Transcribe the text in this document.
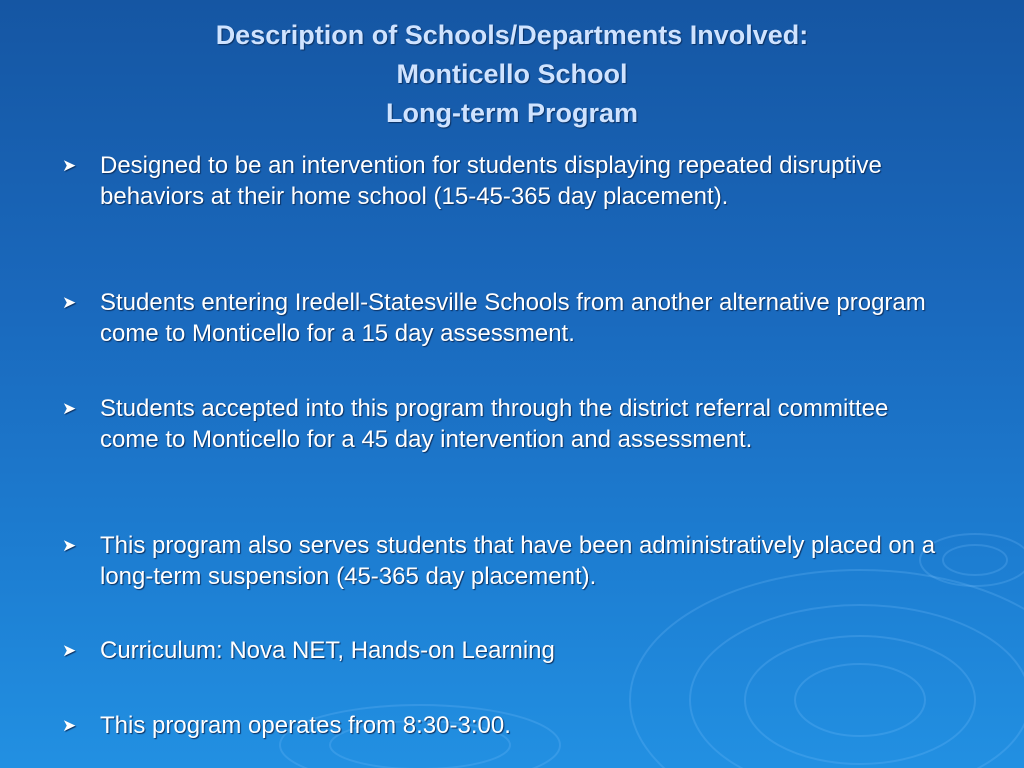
Description of Schools/Departments Involved:
Monticello School
Long-term Program
➤ Designed to be an intervention for students displaying repeated disruptive behaviors at their home school (15-45-365 day placement).
➤ Students entering Iredell-Statesville Schools from another alternative program come to Monticello for a 15 day assessment.
➤ Students accepted into this program through the district referral committee come to Monticello for a 45 day intervention and assessment.
➤ This program also serves students that have been administratively placed on a long-term suspension (45-365 day placement).
➤ Curriculum: Nova NET, Hands-on Learning
➤ This program operates from 8:30-3:00.
